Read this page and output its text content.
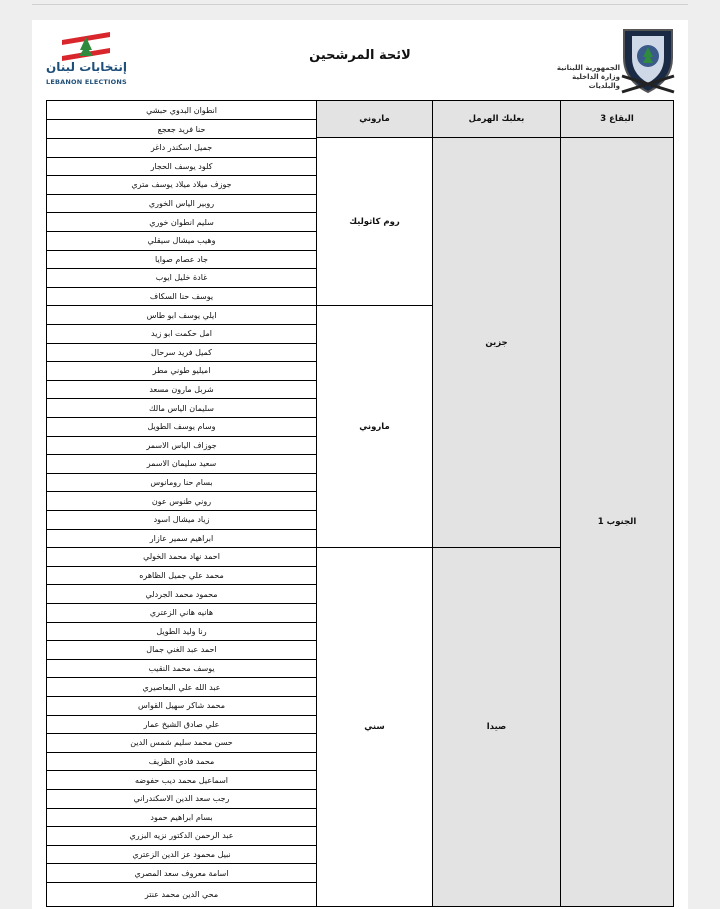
إنتخابات لبنان
LEBANON ELECTIONS
لائحة المرشحين
الجمهورية اللبنانية
وزارة الداخلية
والبلديات
انطوان البدوي حبشي
حنا فريد جعجع
جميل اسكندر داغر
كلود يوسف الحجار
جوزف ميلاد ميلاد يوسف متري
روبير الياس الخوري
سليم انطوان خوري
وهيب ميشال سيقلي
جاد عصام صوايا
غادة خليل ايوب
يوسف حنا السكاف
ايلي يوسف ابو طاس
امل حكمت ابو زيد
كميل فريد سرحال
اميليو طوني مطر
شربل مارون مسعد
سليمان الياس مالك
وسام يوسف الطويل
جوزاف الياس الاسمر
سعيد سليمان الاسمر
بسام حنا رومانوس
روني طنوس عون
زياد ميشال اسود
ابراهيم سمير عازار
احمد نهاد محمد الخولي
محمد علي جميل الظاهره
محمود محمد الجردلي
هانيه هاني الزعتري
رنا وليد الطويل
احمد عبد الغني جمال
يوسف محمد النقيب
عبد الله علي البعاصيري
محمد شاكر سهيل القواس
علي صادق الشيخ عمار
حسن محمد سليم شمس الدين
محمد فادي الظريف
اسماعيل محمد ديب حفوضه
رجب سعد الدين الاسكندراني
بسام ابراهيم حمود
عبد الرحمن الدكتور نزيه البزري
نبيل محمود عز الدين الزعتري
اسامة معروف سعد المصري
محي الدين محمد عنتر
ماروني
روم كاثوليك
ماروني
سني
بعلبك الهرمل
جزين
صيدا
البقاع 3
الجنوب 1
